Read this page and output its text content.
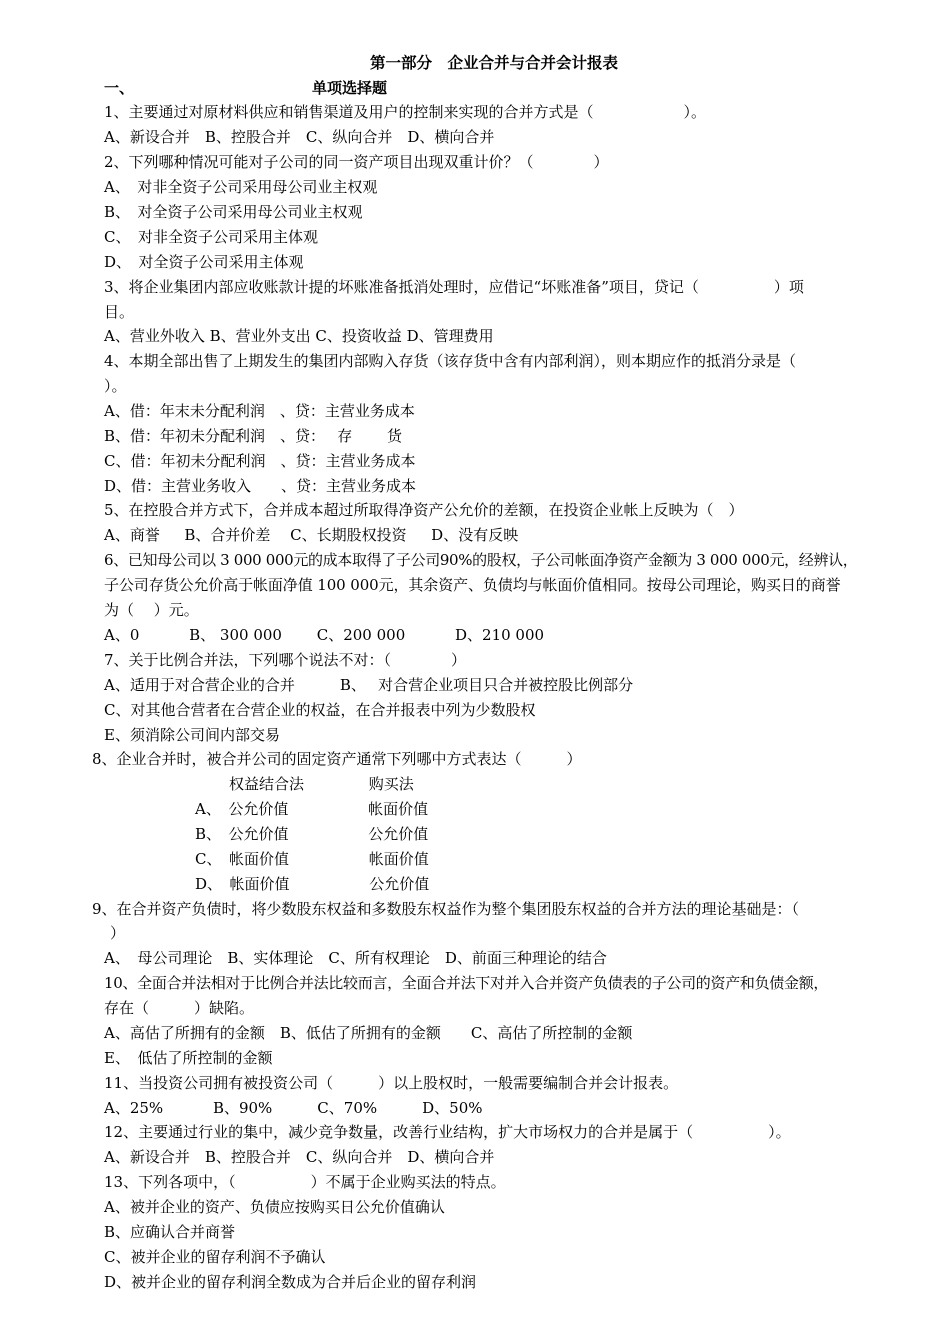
第一部分　企业合并与合并会计报表
一、	单项选择题
1、主要通过对原材料供应和销售渠道及用户的控制来实现的合并方式是（　　　　　　）。
A、新设合并　B、控股合并　C、纵向合并　D、横向合并
2、下列哪种情况可能对子公司的同一资产项目出现双重计价？（　　　　）
A、　对非全资子公司采用母公司业主权观
B、　对全资子公司采用母公司业主权观
C、　对非全资子公司采用主体观
D、　对全资子公司采用主体观
3、将企业集团内部应收账款计提的坏账准备抵消处理时，应借记“坏账准备”项目，贷记（　　　　　）项
目。
A、营业外收入 B、营业外支出 C、投资收益 D、管理费用
4、本期全部出售了上期发生的集团内部购入存货（该存货中含有内部利润），则本期应作的抵消分录是（
）。
A、借：年末未分配利润　、贷：主营业务成本
B、借：年初未分配利润　、贷：　 存　　 货
C、借：年初未分配利润　、贷：主营业务成本
D、借：主营业务收入　　、贷：主营业务成本
5、在控股合并方式下，合并成本超过所取得净资产公允价的差额，在投资企业帐上反映为（　）
A、商誉　  B、合并价差　 C、长期股权投资　  D、没有反映
6、已知母公司以 3 000 000元的成本取得了子公司90%的股权，子公司帐面净资产金额为 3 000 000元，经辨认，
子公司存货公允价高于帐面净值 100 000元，其余资产、负债均与帐面价值相同。按母公司理论，购买日的商誉
为（　 ）元。
A、0　　　 B、 300 000　　 C、200 000　　　 D、210 000
7、关于比例合并法，下列哪个说法不对：（　　　　）
A、适用于对合营企业的合并　　　B、　 对合营企业项目只合并被控股比例部分
C、对其他合营者在合营企业的权益，在合并报表中列为少数股权
E、须消除公司间内部交易
8、企业合并时，被合并公司的固定资产通常下列哪中方式表达（　　　）
权益结合法　　　　 购买法
A、　公允价值　　　　　 帐面价值
B、　公允价值　　　　　 公允价值
C、　帐面价值　　　　　 帐面价值
D、　帐面价值　　　　　 公允价值
9、在合并资产负债时，将少数股东权益和多数股东权益作为整个集团股东权益的合并方法的理论基础是：（
）
A、　母公司理论　B、实体理论　C、所有权理论　D、前面三种理论的结合
10、全面合并法相对于比例合并法比较而言，全面合并法下对并入合并资产负债表的子公司的资产和负债金额，
存在（　　　）缺陷。
A、高估了所拥有的金额　B、低估了所拥有的金额　　C、高估了所控制的金额
E、　低估了所控制的金额
11、当投资公司拥有被投资公司（　　　）以上股权时，一般需要编制合并会计报表。
A、25%　　　 B、90%　　　C、70%　　　D、50%
12、主要通过行业的集中，减少竞争数量，改善行业结构，扩大市场权力的合并是属于（　　　　　）。
A、新设合并　B、控股合并　C、纵向合并　D、横向合并
13、下列各项中，（　　　　　）不属于企业购买法的特点。
A、被并企业的资产、负债应按购买日公允价值确认
B、应确认合并商誉
C、被并企业的留存利润不予确认
D、被并企业的留存利润全数成为合并后企业的留存利润
